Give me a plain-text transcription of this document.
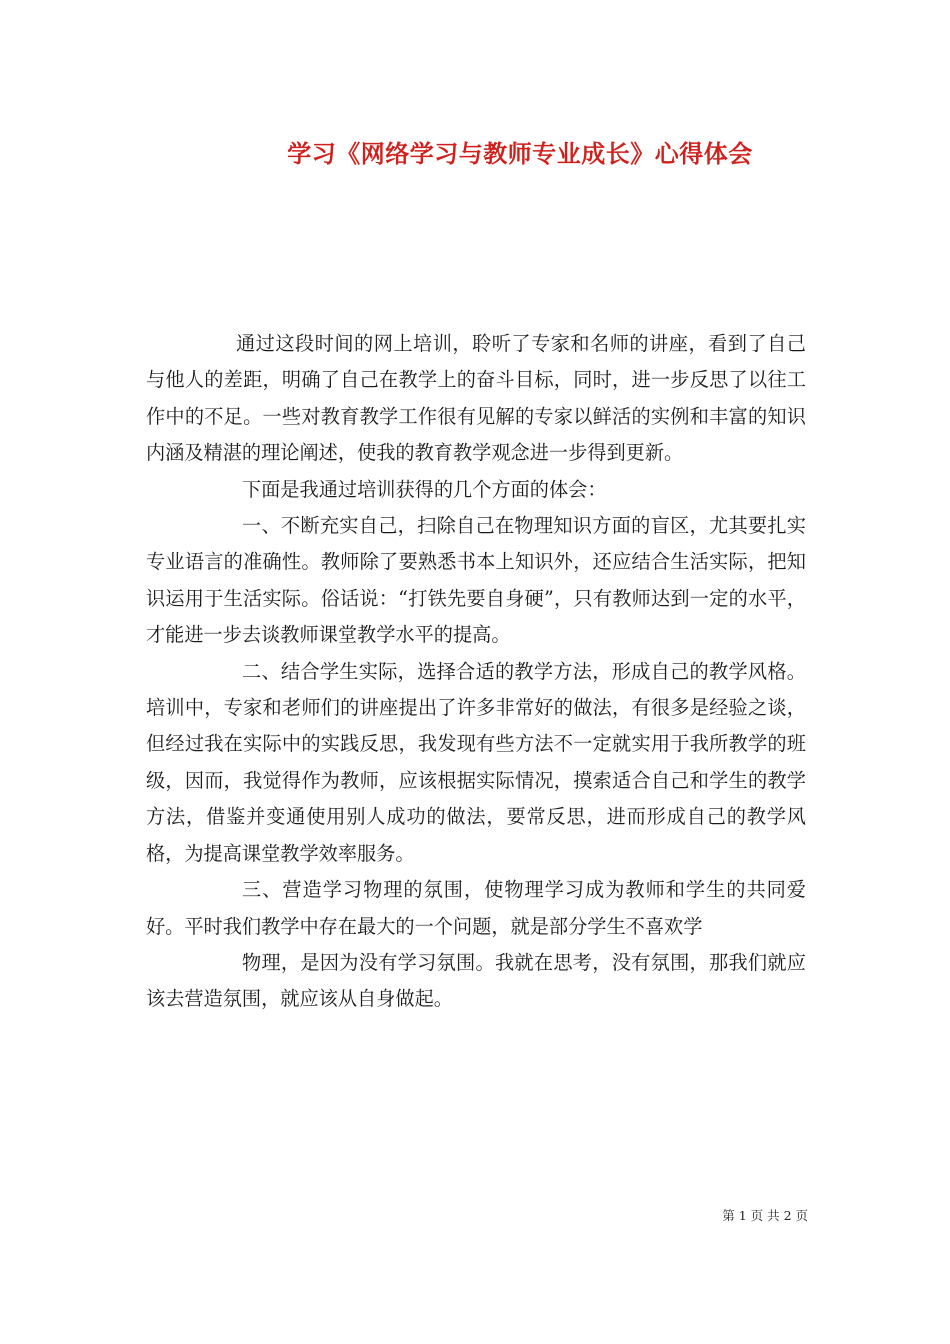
学习《网络学习与教师专业成长》心得体会

通过这段时间的网上培训，聆听了专家和名师的讲座，看到了自己与他人的差距，明确了自己在教学上的奋斗目标，同时，进一步反思了以往工作中的不足。一些对教育教学工作很有见解的专家以鲜活的实例和丰富的知识内涵及精湛的理论阐述，使我的教育教学观念进一步得到更新。

下面是我通过培训获得的几个方面的体会：

一、不断充实自己，扫除自己在物理知识方面的盲区，尤其要扎实专业语言的准确性。教师除了要熟悉书本上知识外，还应结合生活实际，把知识运用于生活实际。俗话说：“打铁先要自身硬”，只有教师达到一定的水平，才能进一步去谈教师课堂教学水平的提高。

二、结合学生实际，选择合适的教学方法，形成自己的教学风格。培训中，专家和老师们的讲座提出了许多非常好的做法，有很多是经验之谈，但经过我在实际中的实践反思，我发现有些方法不一定就实用于我所教学的班级，因而，我觉得作为教师，应该根据实际情况，摸索适合自己和学生的教学方法，借鉴并变通使用别人成功的做法，要常反思，进而形成自己的教学风格，为提高课堂教学效率服务。

三、营造学习物理的氛围，使物理学习成为教师和学生的共同爱好。平时我们教学中存在最大的一个问题，就是部分学生不喜欢学

物理，是因为没有学习氛围。我就在思考，没有氛围，那我们就应该去营造氛围，就应该从自身做起。

第 1 页 共 2 页
